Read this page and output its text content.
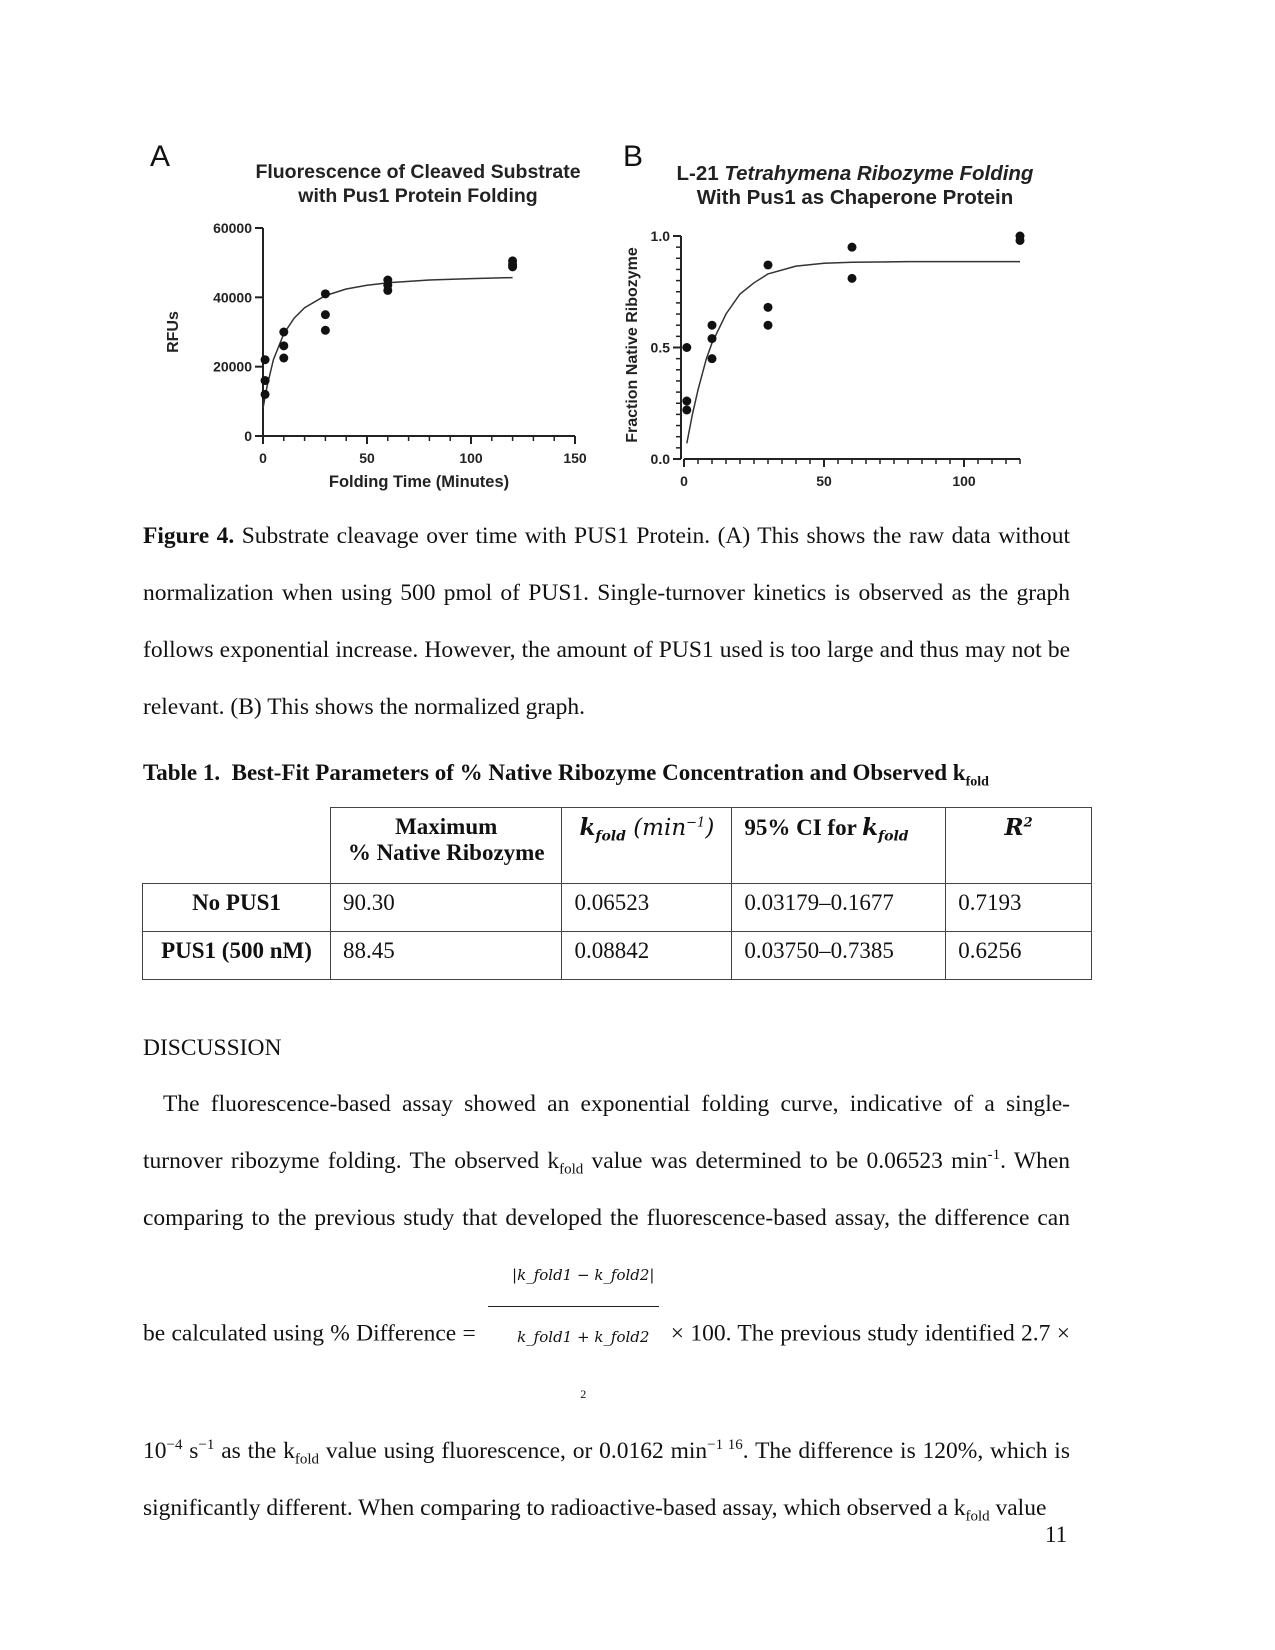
A	B
Fluorescence of Cleaved Substrate
with Pus1 Protein Folding
L-21 Tetrahymena Ribozyme Folding
With Pus1 as Chaperone Protein
RFUs
Folding Time (Minutes)
0
20000
40000
60000
0	50	100	150
Fraction Native Ribozyme
0.0
0.5
1.0
0	50	100

Figure 4. Substrate cleavage over time with PUS1 Protein. (A) This shows the raw data without normalization when using 500 pmol of PUS1. Single-turnover kinetics is observed as the graph follows exponential increase. However, the amount of PUS1 used is too large and thus may not be relevant. (B) This shows the normalized graph.

Table 1. Best-Fit Parameters of % Native Ribozyme Concentration and Observed $k_{fold}$

	Maximum
% Native Ribozyme	$k_{fold}$ $(\min^{-1})$	95% CI for $k_{fold}$	$R^2$
No PUS1	90.30	0.06523	0.03179–0.1677	0.7193
PUS1 (500 nM)	88.45	0.08842	0.03750–0.7385	0.6256
DISCUSSION

The fluorescence-based assay showed an exponential folding curve, indicative of a single-turnover ribozyme folding. The observed $k_{fold}$ value was determined to be 0.06523 $\min^{-1}$. When comparing to the previous study that developed the fluorescence-based assay, the difference can be calculated using % Difference =
|k_fold1 − k_fold2|
k_fold1 + k_fold2
2
× 100. The previous study identified $2.7 \times 10^{-4}$ $s^{-1}$ as the $k_{fold}$ value using fluorescence, or 0.0162 $\min^{-1 16}$. The difference is 120%, which is significantly different. When comparing to radioactive-based assay, which observed a $k_{fold}$ value

11
